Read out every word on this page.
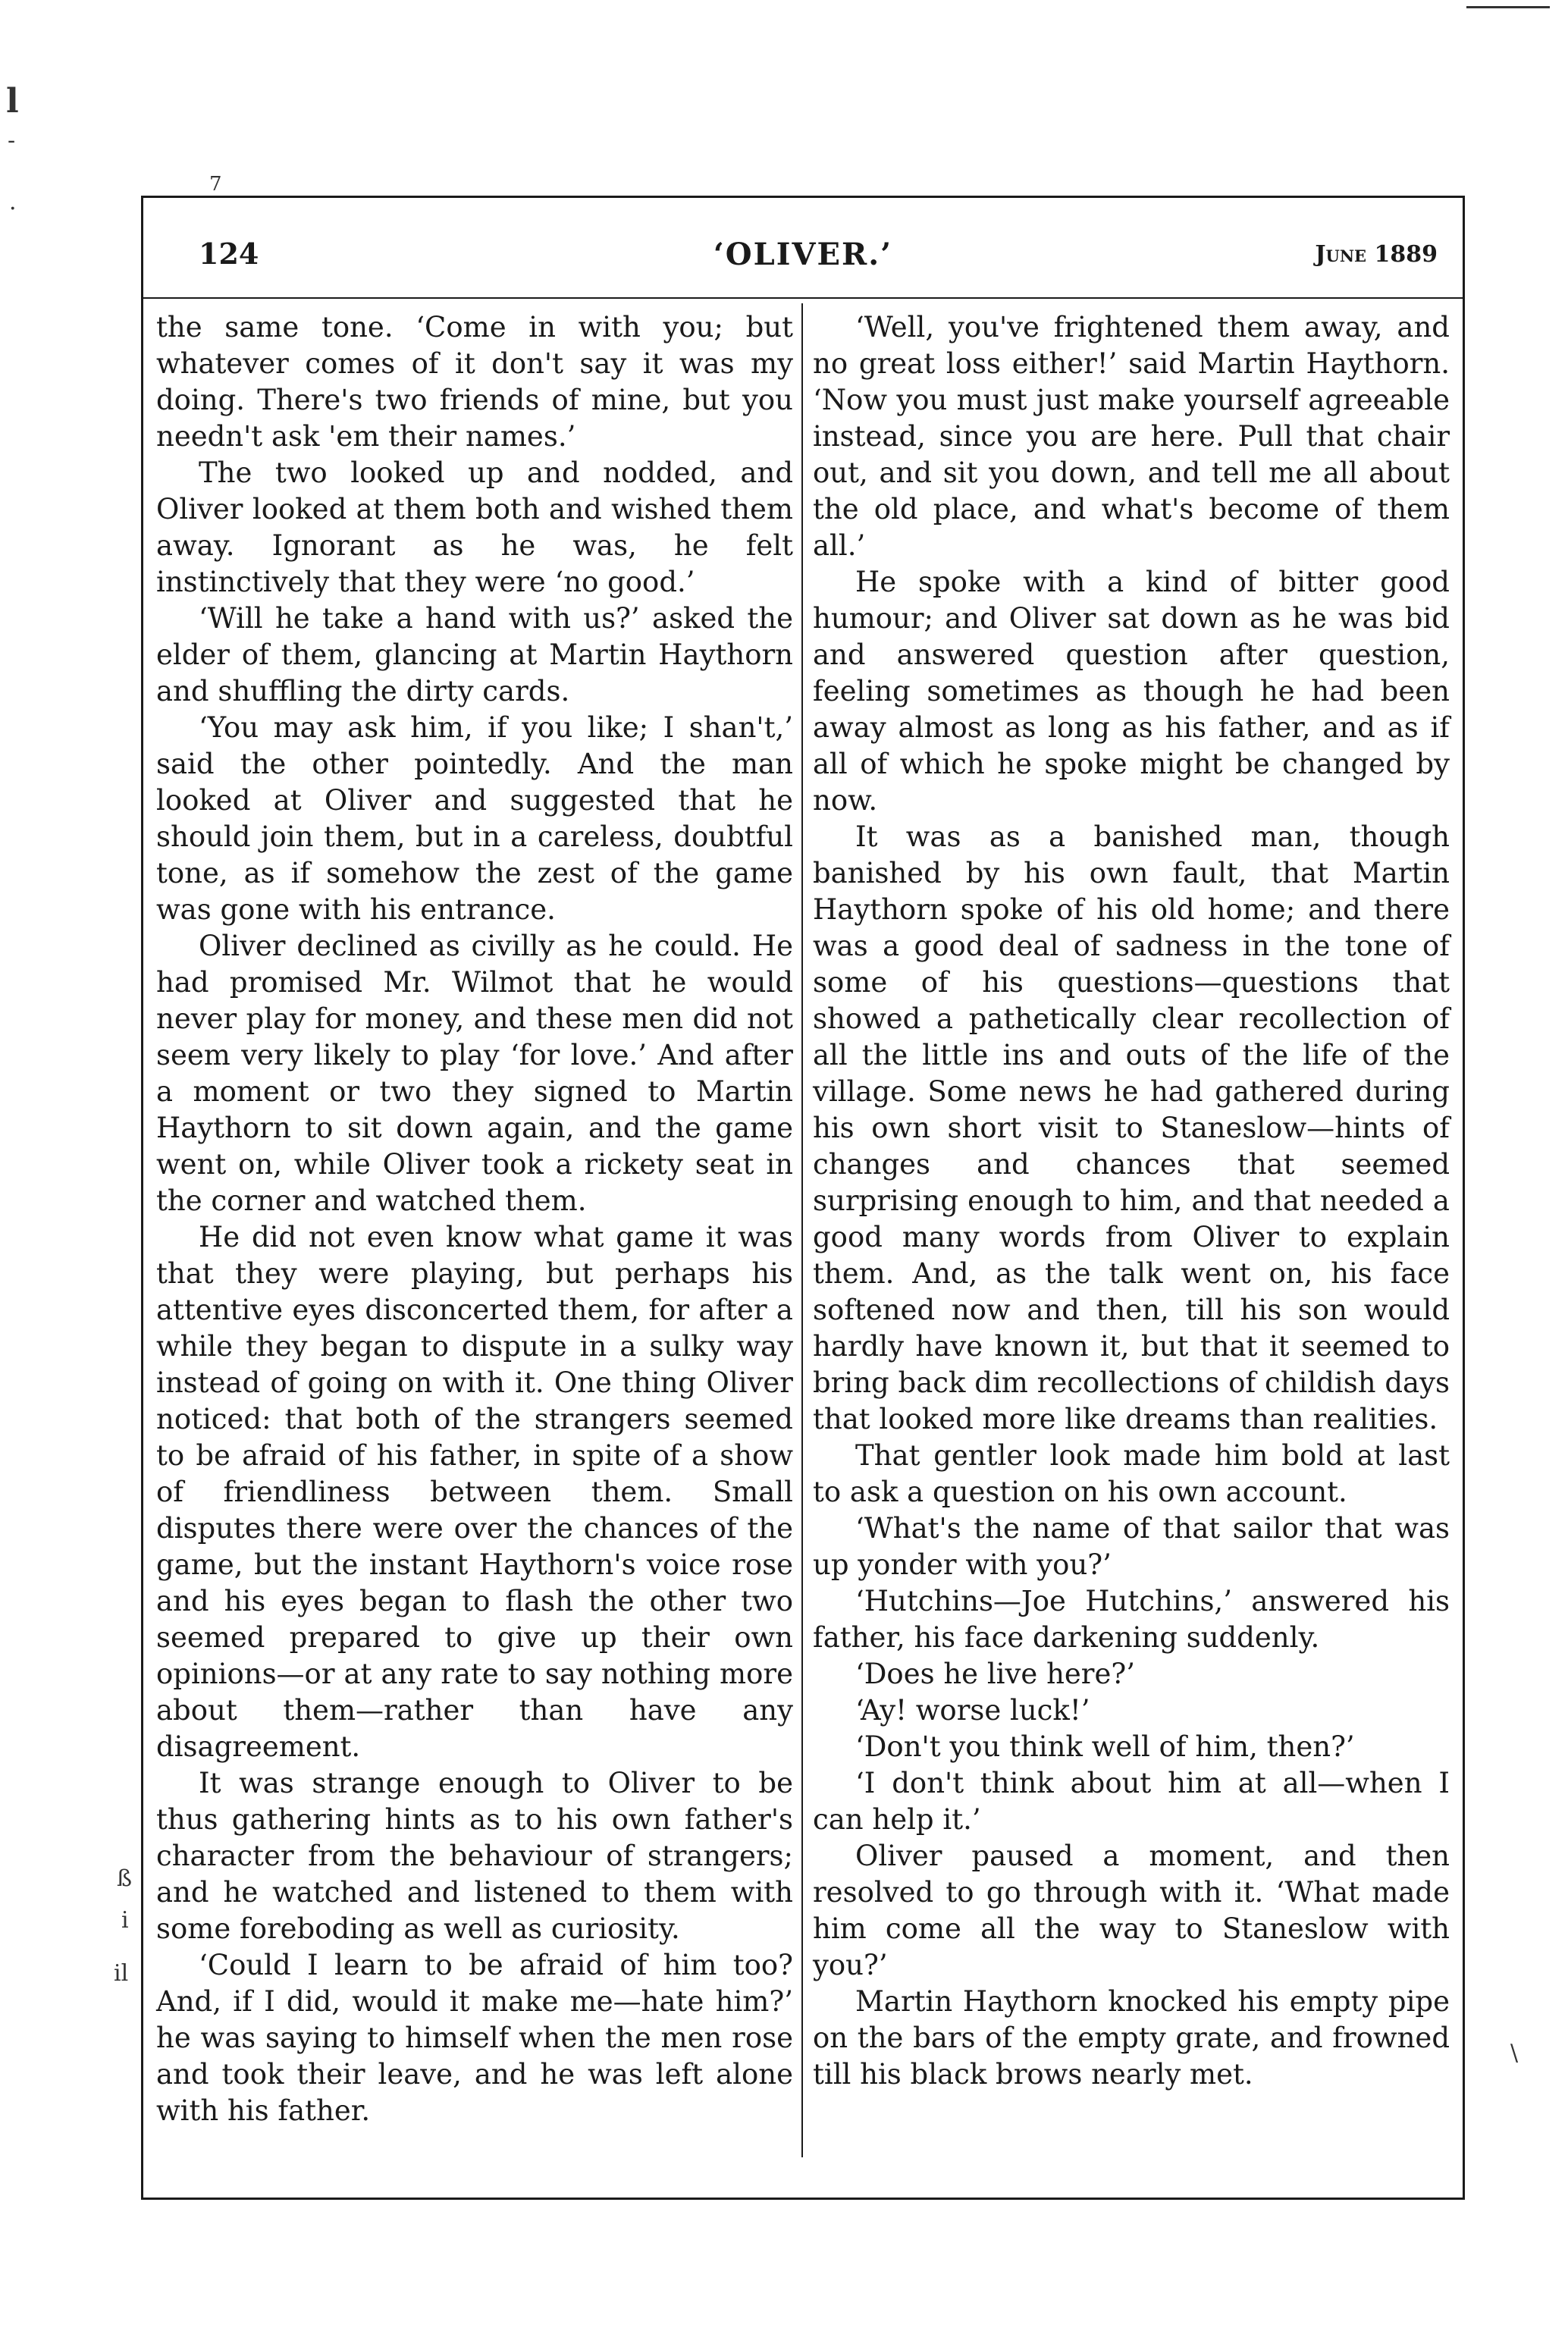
l
-
·
7
ß
i
il
\
124	‘OLIVER.’	June 1889

the same tone. ‘Come in with you; but whatever comes of it don't say it was my doing. There's two friends of mine, but you needn't ask 'em their names.’

The two looked up and nodded, and Oliver looked at them both and wished them away. Ignorant as he was, he felt instinctively that they were ‘no good.’

‘Will he take a hand with us?’ asked the elder of them, glancing at Martin Haythorn and shuffling the dirty cards.

‘You may ask him, if you like; I shan't,’ said the other pointedly. And the man looked at Oliver and suggested that he should join them, but in a careless, doubtful tone, as if somehow the zest of the game was gone with his entrance.

Oliver declined as civilly as he could. He had promised Mr. Wilmot that he would never play for money, and these men did not seem very likely to play ‘for love.’ And after a moment or two they signed to Martin Haythorn to sit down again, and the game went on, while Oliver took a rickety seat in the corner and watched them.

He did not even know what game it was that they were playing, but perhaps his attentive eyes disconcerted them, for after a while they began to dispute in a sulky way instead of going on with it. One thing Oliver noticed: that both of the strangers seemed to be afraid of his father, in spite of a show of friendliness between them. Small disputes there were over the chances of the game, but the instant Haythorn's voice rose and his eyes began to flash the other two seemed prepared to give up their own opinions—or at any rate to say nothing more about them—rather than have any disagreement.

It was strange enough to Oliver to be thus gathering hints as to his own father's character from the behaviour of strangers; and he watched and listened to them with some foreboding as well as curiosity.

‘Could I learn to be afraid of him too? And, if I did, would it make me—hate him?’ he was saying to himself when the men rose and took their leave, and he was left alone with his father.

‘Well, you've frightened them away, and no great loss either!’ said Martin Haythorn. ‘Now you must just make yourself agreeable instead, since you are here. Pull that chair out, and sit you down, and tell me all about the old place, and what's become of them all.’

He spoke with a kind of bitter good humour; and Oliver sat down as he was bid and answered question after question, feeling sometimes as though he had been away almost as long as his father, and as if all of which he spoke might be changed by now.

It was as a banished man, though banished by his own fault, that Martin Haythorn spoke of his old home; and there was a good deal of sadness in the tone of some of his questions—questions that showed a pathetically clear recollection of all the little ins and outs of the life of the village. Some news he had gathered during his own short visit to Staneslow—hints of changes and chances that seemed surprising enough to him, and that needed a good many words from Oliver to explain them. And, as the talk went on, his face softened now and then, till his son would hardly have known it, but that it seemed to bring back dim recollections of childish days that looked more like dreams than realities.

That gentler look made him bold at last to ask a question on his own account.

‘What's the name of that sailor that was up yonder with you?’

‘Hutchins—Joe Hutchins,’ answered his father, his face darkening suddenly.

‘Does he live here?’

‘Ay! worse luck!’

‘Don't you think well of him, then?’

‘I don't think about him at all—when I can help it.’

Oliver paused a moment, and then resolved to go through with it. ‘What made him come all the way to Staneslow with you?’

Martin Haythorn knocked his empty pipe on the bars of the empty grate, and frowned till his black brows nearly met.
